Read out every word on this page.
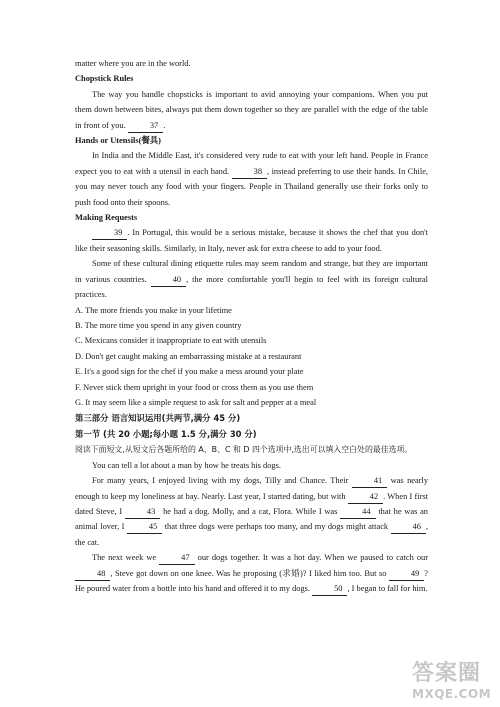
matter where you are in the world.

Chopstick Rules

The way you handle chopsticks is important to avid annoying your companions. When you put them down between bites, always put them down together so they are parallel with the edge of the table in front of you.	37 .

Hands or Utensils(餐具)

In India and the Middle East, it's considered very rude to eat with your left hand. People in France expect you to eat with a utensil in each hand.	38 , instead preferring to use their hands. In Chile, you may never touch any food with your fingers. People in Thailand generally use their forks only to push food onto their spoons.

Making Requests

39 . In Portugal, this would be a serious mistake, because it shows the chef that you don't like their seasoning skills. Similarly, in Italy, never ask for extra cheese to add to your food.

Some of these cultural dining etiquette rules may seem random and strange, but they are important in various countries.	40 , the more comfortable you'll begin to feel with its foreign cultural practices.

A. The more friends you make in your lifetime

B. The more time you spend in any given country

C. Mexicans consider it inappropriate to eat with utensils

D. Don't get caught making an embarrassing mistake at a restaurant

E. It's a good sign for the chef if you make a mess around your plate

F. Never stick them upright in your food or cross them as you use them

G. It may seem like a simple request to ask for salt and pepper at a meal

第三部分 语言知识运用(共两节,满分 45 分)

第一节 (共 20 小题;每小题 1.5 分,满分 30 分)

阅读下面短文,从短文后各题所给的 A、B、C 和 D 四个选项中,选出可以填入空白处的最佳选项。

You can tell a lot about a man by how he treats his dogs.

For many years, I enjoyed living with my dogs, Tilly and Chance. Their	41 was nearly enough to keep my loneliness at bay. Nearly. Last year, I started dating, but with	42 . When I first dated Steve, I	43 he had a dog. Molly, and a cat, Flora. While I was	44 that he was an animal lover, I	45 that three dogs were perhaps too many, and my dogs might attack	46 , the cat.

The next week we	47 our dogs together. It was a hot day. When we paused to catch our 48 , Steve got down on one knee. Was he proposing (求婚)? I liked him too. But so	49 ? He poured water from a bottle into his hand and offered it to my dogs.	50 , I began to fall for him.

答案圈
MXQE.COM
